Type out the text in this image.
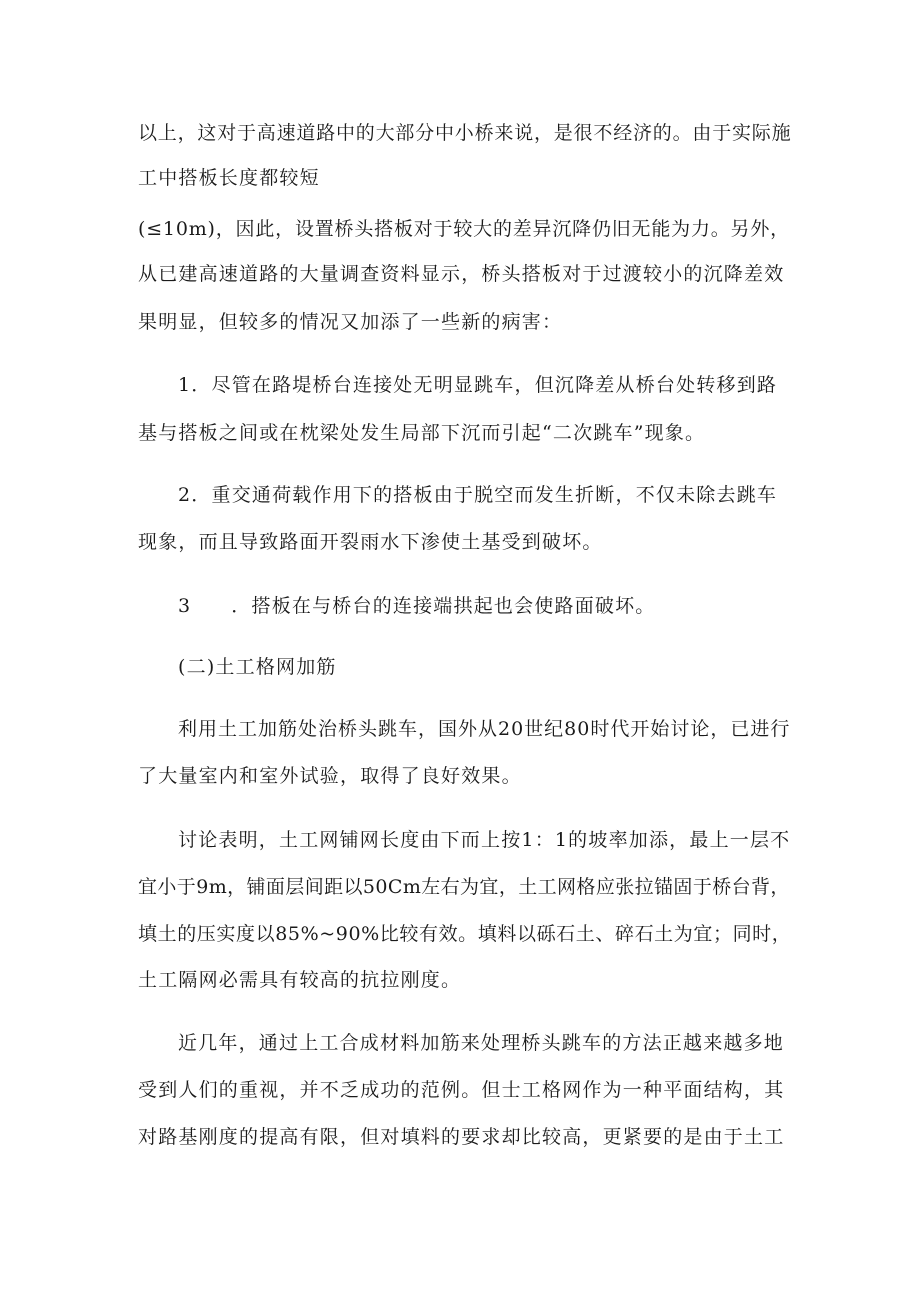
以上，这对于高速道路中的大部分中小桥来说，是很不经济的。由于实际施
工中搭板长度都较短
(≤10m)，因此，设置桥头搭板对于较大的差异沉降仍旧无能为力。另外，
从已建高速道路的大量调查资料显示，桥头搭板对于过渡较小的沉降差效
果明显，但较多的情况又加添了一些新的病害：
1．尽管在路堤桥台连接处无明显跳车，但沉降差从桥台处转移到路
基与搭板之间或在枕梁处发生局部下沉而引起“二次跳车”现象。
2．重交通荷载作用下的搭板由于脱空而发生折断，不仅未除去跳车
现象，而且导致路面开裂雨水下渗使土基受到破坏。
3 ．搭板在与桥台的连接端拱起也会使路面破坏。
(二)土工格网加筋
利用土工加筋处治桥头跳车，国外从20世纪80时代开始讨论，已进行
了大量室内和室外试验，取得了良好效果。
讨论表明，土工网铺网长度由下而上按1：1的坡率加添，最上一层不
宜小于9m，铺面层间距以50Cm左右为宜，土工网格应张拉锚固于桥台背，
填土的压实度以85%~90%比较有效。填料以砾石土、碎石土为宜；同时，
土工隔网必需具有较高的抗拉刚度。
近几年，通过上工合成材料加筋来处理桥头跳车的方法正越来越多地
受到人们的重视，并不乏成功的范例。但士工格网作为一种平面结构，其
对路基刚度的提高有限，但对填料的要求却比较高，更紧要的是由于土工
